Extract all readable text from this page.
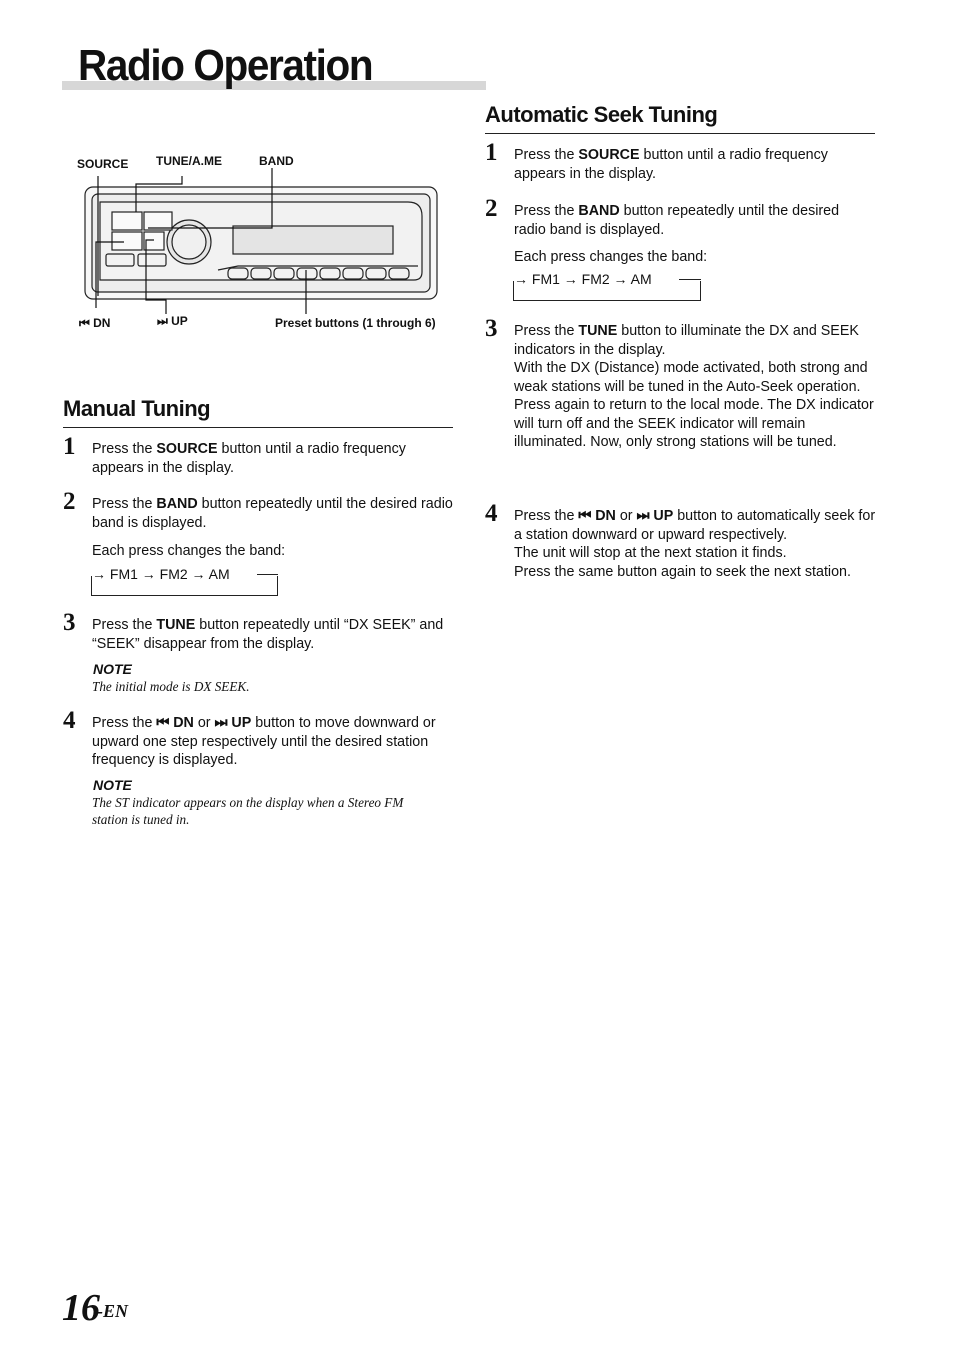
Radio Operation
SOURCE TUNE/A.ME	BAND
⏮ DN	⏭ UP	Preset buttons (1 through 6)
Manual Tuning
1 Press the SOURCE button until a radio frequency appears in the display.

2 Press the BAND button repeatedly until the desired radio band is displayed.

Each press changes the band:

→ FM1 → FM2 → AM
3 Press the TUNE button repeatedly until “DX SEEK” and “SEEK” disappear from the display.

NOTE
The initial mode is DX SEEK.
4 Press the ⏮ DN or ⏭ UP button to move downward or upward one step respectively until the desired station frequency is displayed.

NOTE
The ST indicator appears on the display when a Stereo FM station is tuned in.
Automatic Seek Tuning
1 Press the SOURCE button until a radio frequency appears in the display.

2 Press the BAND button repeatedly until the desired radio band is displayed.

Each press changes the band:

→ FM1 → FM2 → AM
3 Press the TUNE button to illuminate the DX and SEEK indicators in the display.

With the DX (Distance) mode activated, both strong and weak stations will be tuned in the Auto-Seek operation.

Press again to return to the local mode. The DX indicator will turn off and the SEEK indicator will remain illuminated. Now, only strong stations will be tuned.

4 Press the ⏮ DN or ⏭ UP button to automatically seek for a station downward or upward respectively.

The unit will stop at the next station it finds.

Press the same button again to seek the next station.

16
-EN
